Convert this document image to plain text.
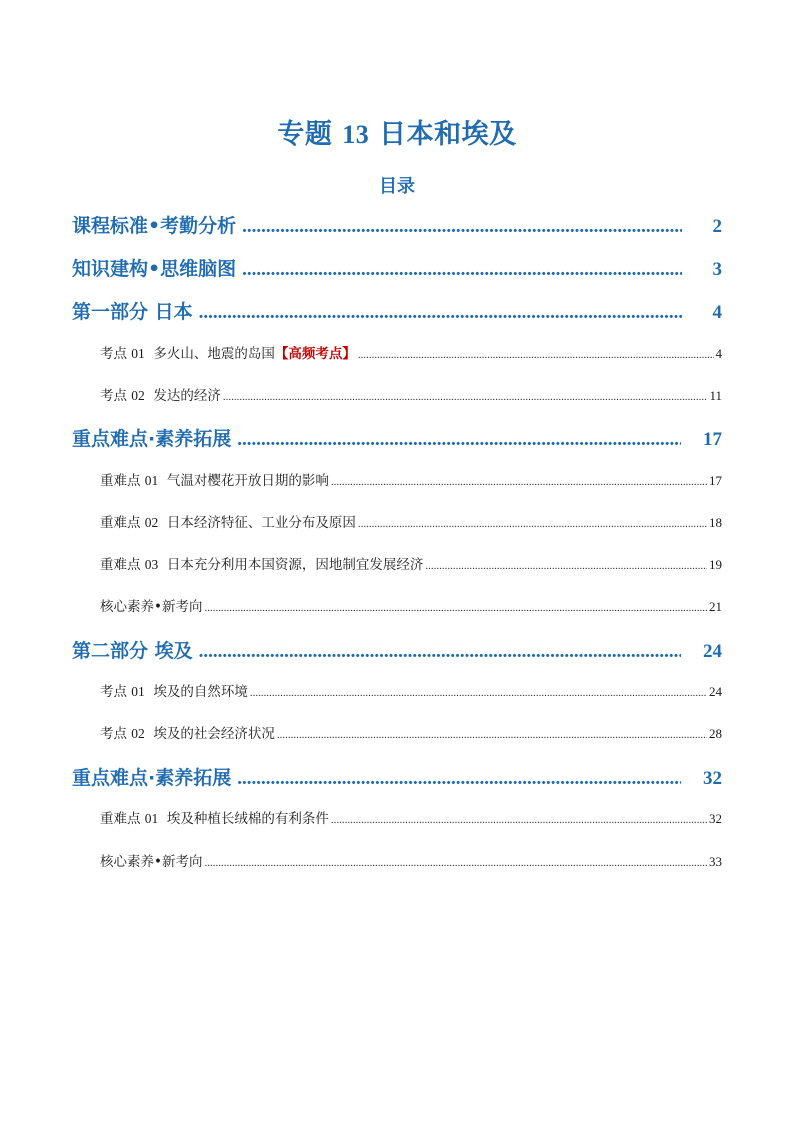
专题 13 日本和埃及
目录
课程标准•考勤分析 .....	2
知识建构•思维脑图 .....	3
第一部分 日本 .....	4
考点 01 多火山、地震的岛国【高频考点】 .....	4
考点 02 发达的经济 .....	11
重点难点·素养拓展 .....	17
重难点 01 气温对樱花开放日期的影响 .....	17
重难点 02 日本经济特征、工业分布及原因 .....	18
重难点 03 日本充分利用本国资源，因地制宜发展经济 .....	19
核心素养•新考向 .....	21
第二部分 埃及 .....	24
考点 01 埃及的自然环境 .....	24
考点 02 埃及的社会经济状况 .....	28
重点难点·素养拓展 .....	32
重难点 01 埃及种植长绒棉的有利条件 .....	32
核心素养•新考向 .....	33
